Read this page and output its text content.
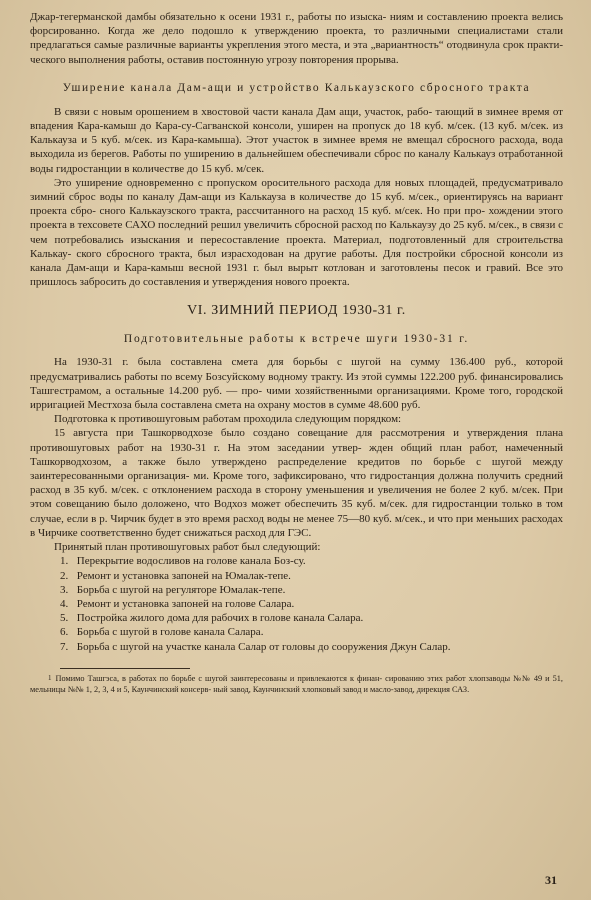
Джар-тегерманской дамбы обязательно к осени 1931 г., работы по изыска- ниям и составлению проекта велись форсированно. Когда же дело подошло к утверждению проекта, то различными специалистами стали предлагаться самые различные варианты укрепления этого места, и эта „вариантность“ отодвинула срок практи- ческого выполнения работы, оставив постоянную угрозу повторения прорыва.

Уширение канала Дам-ащи и устройство Калькаузского сбросного тракта

В связи с новым орошением в хвостовой части канала Дам ащи, участок, рабо- тающий в зимнее время от впадения Кара-камыш до Кара-су-Сагванской консоли, уширен на пропуск до 18 куб. м/сек. (13 куб. м/сек. из Калькауза и 5 куб. м/сек. из Кара-камыша). Этот участок в зимнее время не вмещал сбросного расхода, вода выходила из берегов. Работы по уширению в дальнейшем обеспечивали сброс по каналу Калькауз отработанной воды гидростанции в количестве до 15 куб. м/сек.

Это уширение одновременно с пропуском оросительного расхода для новых площадей, предусматривало зимний сброс воды по каналу Дам-ащи из Калькауза в количестве до 15 куб. м/сек., ориентируясь на вариант проекта сбро- сного Калькаузского тракта, рассчитанного на расход 15 куб. м/сек. Но при про- хождении этого проекта в техсовете САХО последний решил увеличить сбросной расход по Калькаузу до 25 куб. м/сек., в связи с чем потребовались изыскания и пересоставление проекта. Материал, подготовленный для строительства Калькау- ского сбросного тракта, был израсходован на другие работы. Для постройки сбросной консоли из канала Дам-ащи и Кара-камыш весной 1931 г. был вырыт котлован и заготовлены песок и гравий. Все это пришлось забросить до составления и утверждения нового проекта.

VI. ЗИМНИЙ ПЕРИОД 1930-31 г.
Подготовительные работы к встрече шуги 1930-31 г.

На 1930-31 г. была составлена смета для борьбы с шугой на сумму 136.400 руб., которой предусматривались работы по всему Бозсуйскому водному тракту. Из этой суммы 122.200 руб. финансировались Ташгестрамом, а остальные 14.200 руб. — про- чими хозяйственными организациями. Кроме того, городской ирригацией Местхоза была составлена смета на охрану мостов в сумме 48.600 руб.

Подготовка к противошуговым работам проходила следующим порядком:

15 августа при Ташкорводхозе было создано совещание для рассмотрения и утверждения плана противошуговых работ на 1930-31 г. На этом заседании утвер- жден общий план работ, намеченный Ташкорводхозом, а также было утверждено распределение кредитов по борьбе с шугой между заинтересованными организация- ми. Кроме того, зафиксировано, что гидростанция должна получить средний расход в 35 куб. м/сек. с отклонением расхода в сторону уменьшения и увеличения не более 2 куб. м/сек. При этом совещанию было доложено, что Водхоз может обеспечить 35 куб. м/сек. для гидростанции только в том случае, если в р. Чирчик будет в это время расход воды не менее 75—80 куб. м/сек., и что при меньших расходах в Чирчике соответственно будет снижаться расход для ГЭС.

Принятый план противошуговых работ был следующий:

1. Перекрытие водосливов на голове канала Боз-су.
2. Ремонт и установка запоней на Юмалак-тепе.
3. Борьба с шугой на регуляторе Юмалак-тепе.
4. Ремонт и установка запоней на голове Салара.
5. Постройка жилого дома для рабочих в голове канала Салара.
6. Борьба с шугой в голове канала Салара.
7. Борьба с шугой на участке канала Салар от головы до сооружения Джун Салар.

$^1$ Помимо Ташгэса, в работах по борьбе с шугой заинтересованы и привлекаются к финан- сированию этих работ хлопзаводы №№ 49 и 51, мельницы №№ 1, 2, 3, 4 и 5, Каунчинский консерв- ный завод, Каунчинский хлопковый завод и масло-завод, дирекция САЗ.

31
